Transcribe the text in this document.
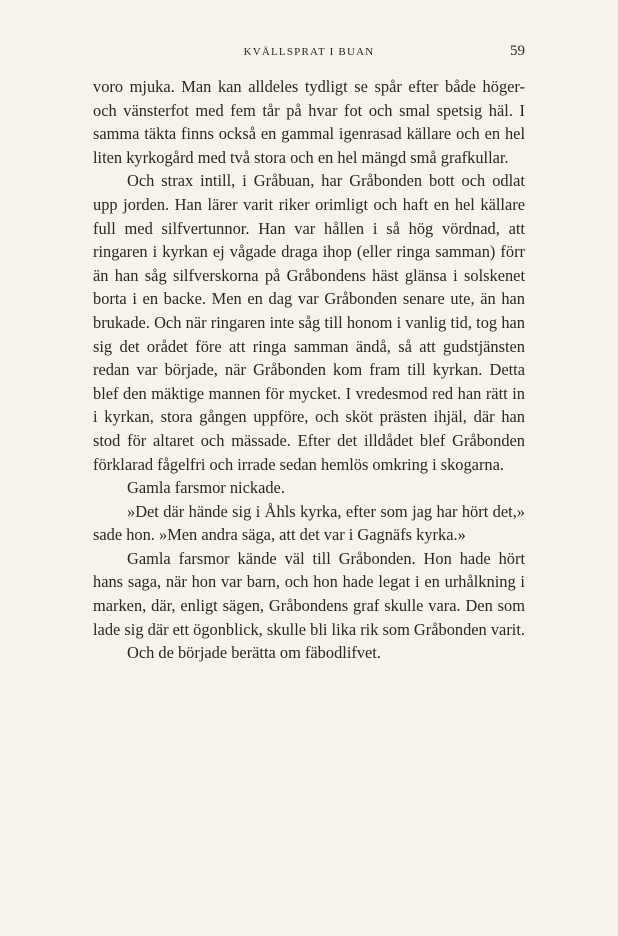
KVÄLLSPRAT I BUAN	59

voro mjuka. Man kan alldeles tydligt se spår efter både höger- och vänsterfot med fem tår på hvar fot och smal spetsig häl. I samma täkta finns också en gammal igenrasad källare och en hel liten kyrkogård med två stora och en hel mängd små grafkullar.

Och strax intill, i Gråbuan, har Gråbonden bott och odlat upp jorden. Han lärer varit riker orimligt och haft en hel källare full med silfvertunnor. Han var hållen i så hög vördnad, att ringaren i kyrkan ej vågade draga ihop (eller ringa samman) förr än han såg silfverskorna på Gråbondens häst glänsa i solskenet borta i en backe. Men en dag var Gråbonden senare ute, än han brukade. Och när ringaren inte såg till honom i vanlig tid, tog han sig det orådet före att ringa samman ändå, så att gudstjänsten redan var började, när Gråbonden kom fram till kyrkan. Detta blef den mäktige mannen för mycket. I vredesmod red han rätt in i kyrkan, stora gången uppföre, och sköt prästen ihjäl, där han stod för altaret och mässade. Efter det illdådet blef Gråbonden förklarad fågelfri och irrade sedan hemlös omkring i skogarna.

Gamla farsmor nickade.

»Det där hände sig i Åhls kyrka, efter som jag har hört det,» sade hon. »Men andra säga, att det var i Gagnäfs kyrka.»

Gamla farsmor kände väl till Gråbonden. Hon hade hört hans saga, när hon var barn, och hon hade legat i en urhålkning i marken, där, enligt sägen, Gråbondens graf skulle vara. Den som lade sig där ett ögonblick, skulle bli lika rik som Gråbonden varit.

Och de började berätta om fäbodlifvet.
